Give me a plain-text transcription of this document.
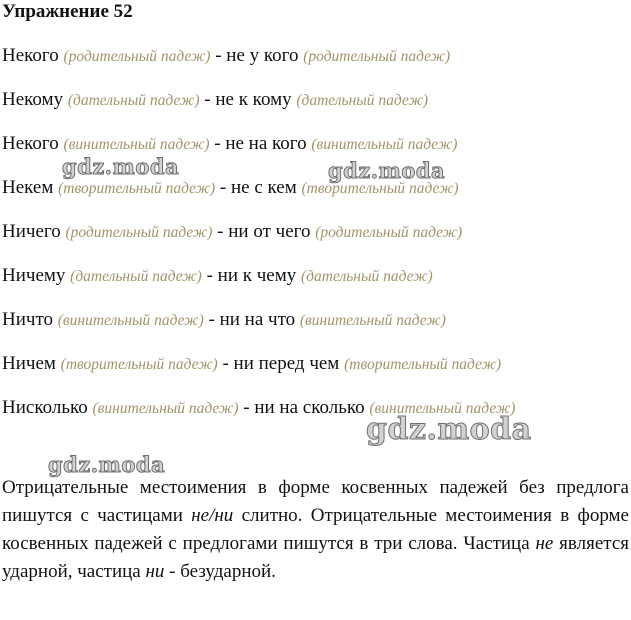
Упражнение 52
Некого (родительный падеж) - не у кого (родительный падеж)
Некому (дательный падеж) - не к кому (дательный падеж)
Некого (винительный падеж) - не на кого (винительный падеж)
Некем (творительный падеж) - не с кем (творительный падеж)
Ничего (родительный падеж) - ни от чего (родительный падеж)
Ничему (дательный падеж) - ни к чему (дательный падеж)
Ничто (винительный падеж) - ни на что (винительный падеж)
Ничем (творительный падеж) - ни перед чем (творительный падеж)
Нисколько (винительный падеж) - ни на сколько (винительный падеж)
gdz.moda	gdz.moda
gdz.moda
gdz.moda
Отрицательные местоимения в форме косвенных падежей без предлога пишутся с частицами не/ни слитно. Отрицательные местоимения в форме косвенных падежей с предлогами пишутся в три слова. Частица не является ударной, частица ни - безударной.
